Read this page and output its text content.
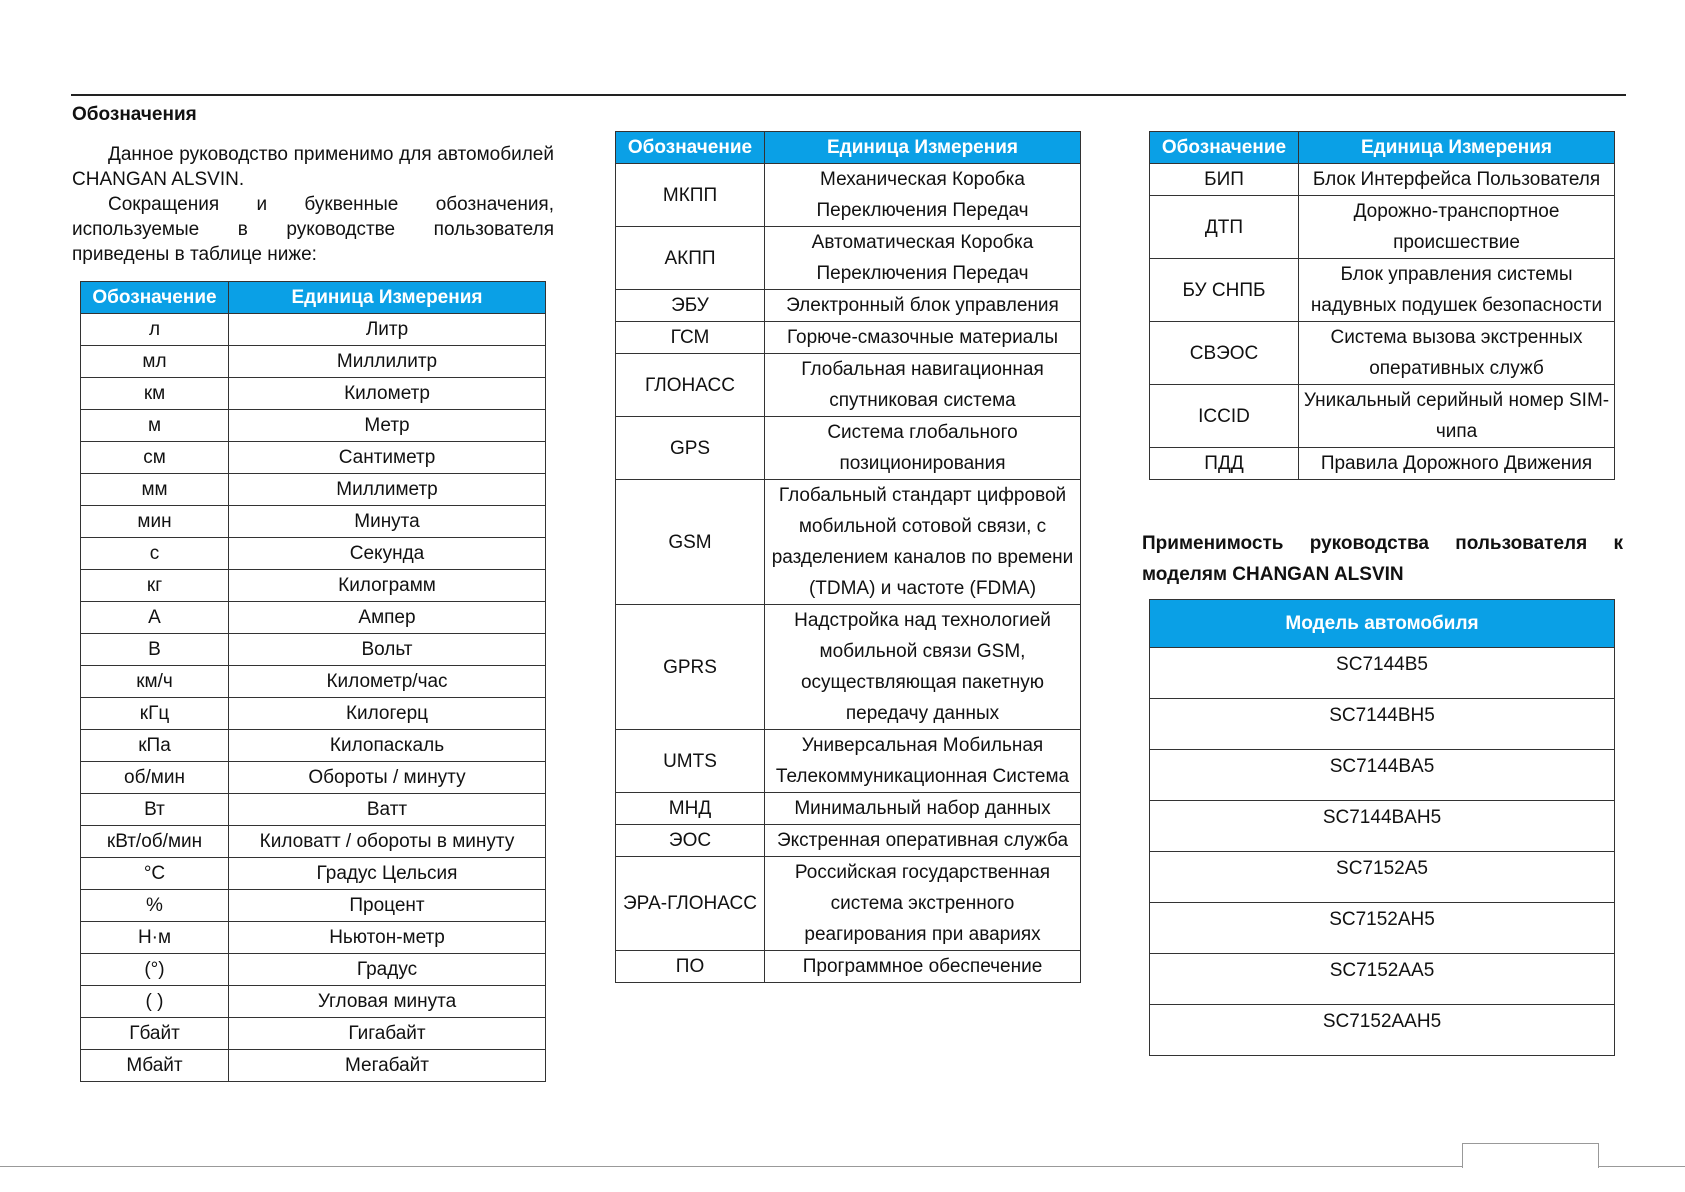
Обозначения

Данное руководство применимо для автомобилей CHANGAN ALSVIN.

Сокращения и буквенные обозначения, используемые в руководстве пользователя приведены в таблице ниже:

Обозначение	Единица Измерения
л	Литр
мл	Миллилитр
км	Километр
м	Метр
см	Сантиметр
мм	Миллиметр
мин	Минута
с	Секунда
кг	Килограмм
А	Ампер
В	Вольт
км/ч	Километр/час
кГц	Килогерц
кПа	Килопаскаль
об/мин	Обороты / минуту
Вт	Ватт
кВт/об/мин	Киловатт / обороты в минуту
°С	Градус Цельсия
%	Процент
Н·м	Ньютон-метр
(°)	Градус
( )	Угловая минута
Гбайт	Гигабайт
Мбайт	Мегабайт
Обозначение	Единица Измерения
МКПП	Механическая Коробка Переключения Передач
АКПП	Автоматическая Коробка Переключения Передач
ЭБУ	Электронный блок управления
ГСМ	Горюче-смазочные материалы
ГЛОНАСС	Глобальная навигационная спутниковая система
GPS	Система глобального позиционирования
GSM	Глобальный стандарт цифровой мобильной сотовой связи, с разделением каналов по времени (TDMA) и частоте (FDMA)
GPRS	Надстройка над технологией мобильной связи GSM, осуществляющая пакетную передачу данных
UMTS	Универсальная Мобильная Телекоммуникационная Система
МНД	Минимальный набор данных
ЭОС	Экстренная оперативная служба
ЭРА-ГЛОНАСС	Российская государственная система экстренного реагирования при авариях
ПО	Программное обеспечение
Обозначение	Единица Измерения
БИП	Блок Интерфейса Пользователя
ДТП	Дорожно-транспортное происшествие
БУ СНПБ	Блок управления системы надувных подушек безопасности
СВЭОС	Система вызова экстренных оперативных служб
ICCID	Уникальный серийный номер SIM-чипа
ПДД	Правила Дорожного Движения
Применимость руководства пользователя к
моделям CHANGAN ALSVIN
Модель автомобиля
SC7144B5
SC7144BH5
SC7144BA5
SC7144BAH5
SC7152A5
SC7152AH5
SC7152AA5
SC7152AAH5
